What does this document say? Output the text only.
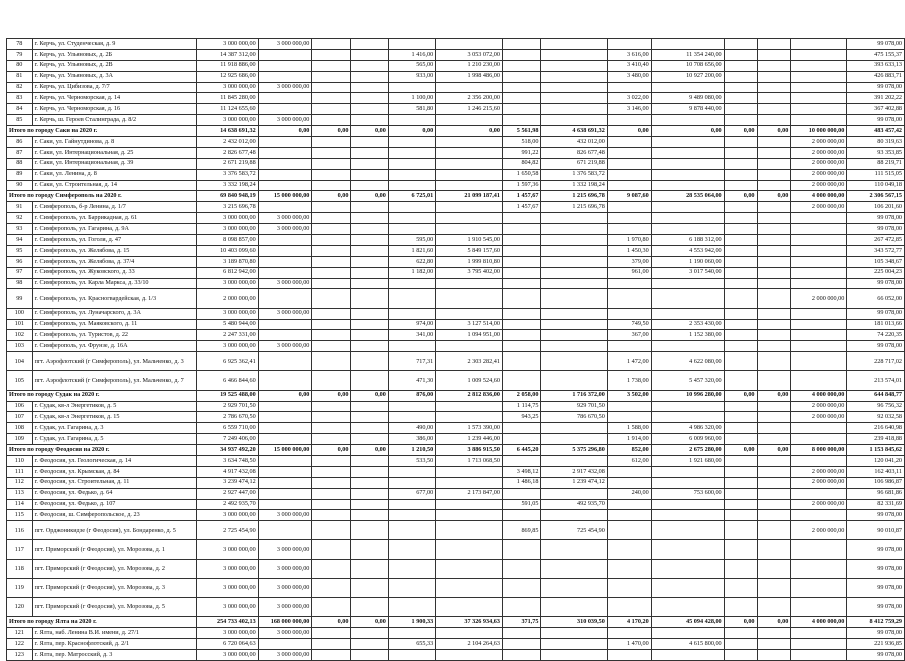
78	г. Керчь, ул. Студенческая, д. 9	3 000 000,00	3 000 000,00												99 078,00
79	г. Керчь, ул. Ульяновых, д. 2Б	14 387 312,00				1 416,00	3 053 072,00			3 616,00	11 354 240,00				475 155,37
80	г. Керчь, ул. Ульяновых, д. 2В	11 918 886,00				565,00	1 210 230,00			3 410,40	10 708 656,00				393 633,13
81	г. Керчь, ул. Ульяновых, д. 3А	12 925 686,00				933,00	1 998 486,00			3 480,00	10 927 200,00				426 883,71
82	г. Керчь, ул. Цибизова, д. 7/7	3 000 000,00	3 000 000,00												99 078,00
83	г. Керчь, ул. Черноморская, д. 14	11 845 280,00				1 100,00	2 356 200,00			3 022,00	9 489 080,00				391 202,22
84	г. Керчь, ул. Черноморская, д. 16	11 124 655,60				581,80	1 246 215,60			3 146,00	9 878 440,00				367 402,88
85	г. Керчь, ш. Героев Сталинграда, д. 8/2	3 000 000,00	3 000 000,00												99 078,00
Итого по городу Саки на 2020 г.		14 638 691,32	0,00	0,00	0,00	0,00	0,00	5 561,98	4 638 691,32	0,00	0,00	0,00	0,00	10 000 000,00	483 457,42
86	г. Саки, ул. Гайнутдинова, д. 8	2 432 012,00						518,00	432 012,00					2 000 000,00	80 319,63
87	г. Саки, ул. Интернациональная, д. 25	2 826 677,48						991,22	826 677,48					2 000 000,00	93 353,85
88	г. Саки, ул. Интернациональная, д. 39	2 671 219,88						804,82	671 219,88					2 000 000,00	88 219,71
89	г. Саки, ул. Ленина, д. 8	3 376 583,72						1 650,58	1 376 583,72					2 000 000,00	111 515,05
90	г. Саки, ул. Строительная, д. 14	3 332 198,24						1 597,36	1 332 198,24					2 000 000,00	110 049,18
Итого по городу Симферополь на 2020 г.		69 840 948,19	15 000 000,00	0,00	0,00	6 725,01	21 099 187,41	1 457,67	1 215 696,78	9 087,60	28 535 064,00	0,00	0,00	4 000 000,00	2 306 567,15
91	г. Симферополь, б-р Ленина, д. 1/7	3 215 696,78						1 457,67	1 215 696,78					2 000 000,00	106 201,60
92	г. Симферополь, ул. Баррикадная, д. 61	3 000 000,00	3 000 000,00												99 078,00
93	г. Симферополь, ул. Гагарина, д. 9А	3 000 000,00	3 000 000,00												99 078,00
94	г. Симферополь, ул. Гоголя, д. 47	8 098 857,00				595,00	1 910 545,00			1 970,80	6 188 312,00				267 472,85
95	г. Симферополь, ул. Желябова, д. 15	10 403 099,60				1 821,60	5 849 157,60			1 450,30	4 553 942,00				343 572,77
96	г. Симферополь, ул. Желябова, д. 37/4	3 189 870,80				622,80	1 999 810,80			379,00	1 190 060,00				105 348,67
97	г. Симферополь, ул. Жуковского, д. 33	6 812 942,00				1 182,00	3 795 402,00			961,00	3 017 540,00				225 004,23
98	г. Симферополь, ул. Карла Маркса, д. 33/10	3 000 000,00	3 000 000,00												99 078,00
99	г. Симферополь, ул. Красногвардейская, д. 1/3	2 000 000,00												2 000 000,00	66 052,00
100	г. Симферополь, ул. Луначарского, д. 3А	3 000 000,00	3 000 000,00												99 078,00
101	г. Симферополь, ул. Маяковского, д. 11	5 480 944,00				974,00	3 127 514,00			749,50	2 353 430,00				181 013,66
102	г. Симферополь, ул. Туристов, д. 22	2 247 331,00				341,00	1 094 951,00			367,00	1 152 380,00				74 220,35
103	г. Симферополь, ул. Фрунзе, д. 16А	3 000 000,00	3 000 000,00												99 078,00
104	пгт. Аэрофлотский (г Симферополь), ул. Мальченко, д. 3	6 925 362,41				717,31	2 303 282,41			1 472,00	4 622 080,00				228 717,02
105	пгт. Аэрофлотский (г Симферополь), ул. Мальченко, д. 7	6 466 844,60				471,30	1 009 524,60			1 738,00	5 457 320,00				213 574,01
Итого по городу Судак на 2020 г.		19 525 488,00	0,00	0,00	0,00	876,00	2 812 836,00	2 058,00	1 716 372,00	3 502,00	10 996 280,00	0,00	0,00	4 000 000,00	644 848,77
106	г. Судак, кв-л Энергетиков, д. 5	2 929 701,50						1 114,75	929 701,50					2 000 000,00	96 756,32
107	г. Судак, кв-л Энергетиков, д. 15	2 786 670,50						943,25	786 670,50					2 000 000,00	92 032,58
108	г. Судак, ул. Гагарина, д. 3	6 559 710,00				490,00	1 573 390,00			1 588,00	4 986 320,00				216 640,98
109	г. Судак, ул. Гагарина, д. 5	7 249 406,00				386,00	1 239 446,00			1 914,00	6 009 960,00				239 418,88
Итого по городу Феодосия на 2020 г.		34 937 492,20	15 000 000,00	0,00	0,00	1 210,50	3 886 915,50	6 445,20	5 375 296,80	852,00	2 675 280,00	0,00	0,00	8 000 000,00	1 153 845,62
110	г. Феодосия, ул. Геологическая, д. 14	3 634 748,50				533,50	1 713 068,50			612,00	1 921 680,00				120 041,20
111	г. Феодосия, ул. Крымская, д. 84	4 917 432,08						3 498,12	2 917 432,08					2 000 000,00	162 403,11
112	г. Феодосия, ул. Строительная, д. 11	3 239 474,12						1 486,18	1 239 474,12					2 000 000,00	106 986,87
113	г. Феодосия, ул. Федько, д. 64	2 927 447,00				677,00	2 173 847,00			240,00	753 600,00				96 681,86
114	г. Феодосия, ул. Федько, д. 107	2 492 935,70						591,05	492 935,70					2 000 000,00	82 331,69
115	г. Феодосия, ш. Симферопольское, д. 23	3 000 000,00	3 000 000,00												99 078,00
116	пгт. Орджоникидзе (г Феодосия), ул. Бондаренко, д. 5	2 725 454,90						869,85	725 454,90					2 000 000,00	90 010,87
117	пгт. Приморский (г Феодосия), ул. Морозова, д. 1	3 000 000,00	3 000 000,00												99 078,00
118	пгт. Приморский (г Феодосия), ул. Морозова, д. 2	3 000 000,00	3 000 000,00												99 078,00
119	пгт. Приморский (г Феодосия), ул. Морозова, д. 3	3 000 000,00	3 000 000,00												99 078,00
120	пгт. Приморский (г Феодосия), ул. Морозова, д. 5	3 000 000,00	3 000 000,00												99 078,00
Итого по городу Ялта на 2020 г.		254 733 402,13	168 000 000,00	0,00	0,00	1 900,33	37 326 934,63	371,75	310 039,50	4 170,20	45 094 428,00	0,00	0,00	4 000 000,00	8 412 759,29
121	г. Ялта, наб. Ленина В.И. имени, д. 27/1	3 000 000,00	3 000 000,00												99 078,00
122	г. Ялта, пер. Краснофлотский, д. 2/1	6 720 064,63				655,33	2 104 264,63			1 470,00	4 615 800,00				221 936,85
123	г. Ялта, пер. Матросский, д. 3	3 000 000,00	3 000 000,00												99 078,00
